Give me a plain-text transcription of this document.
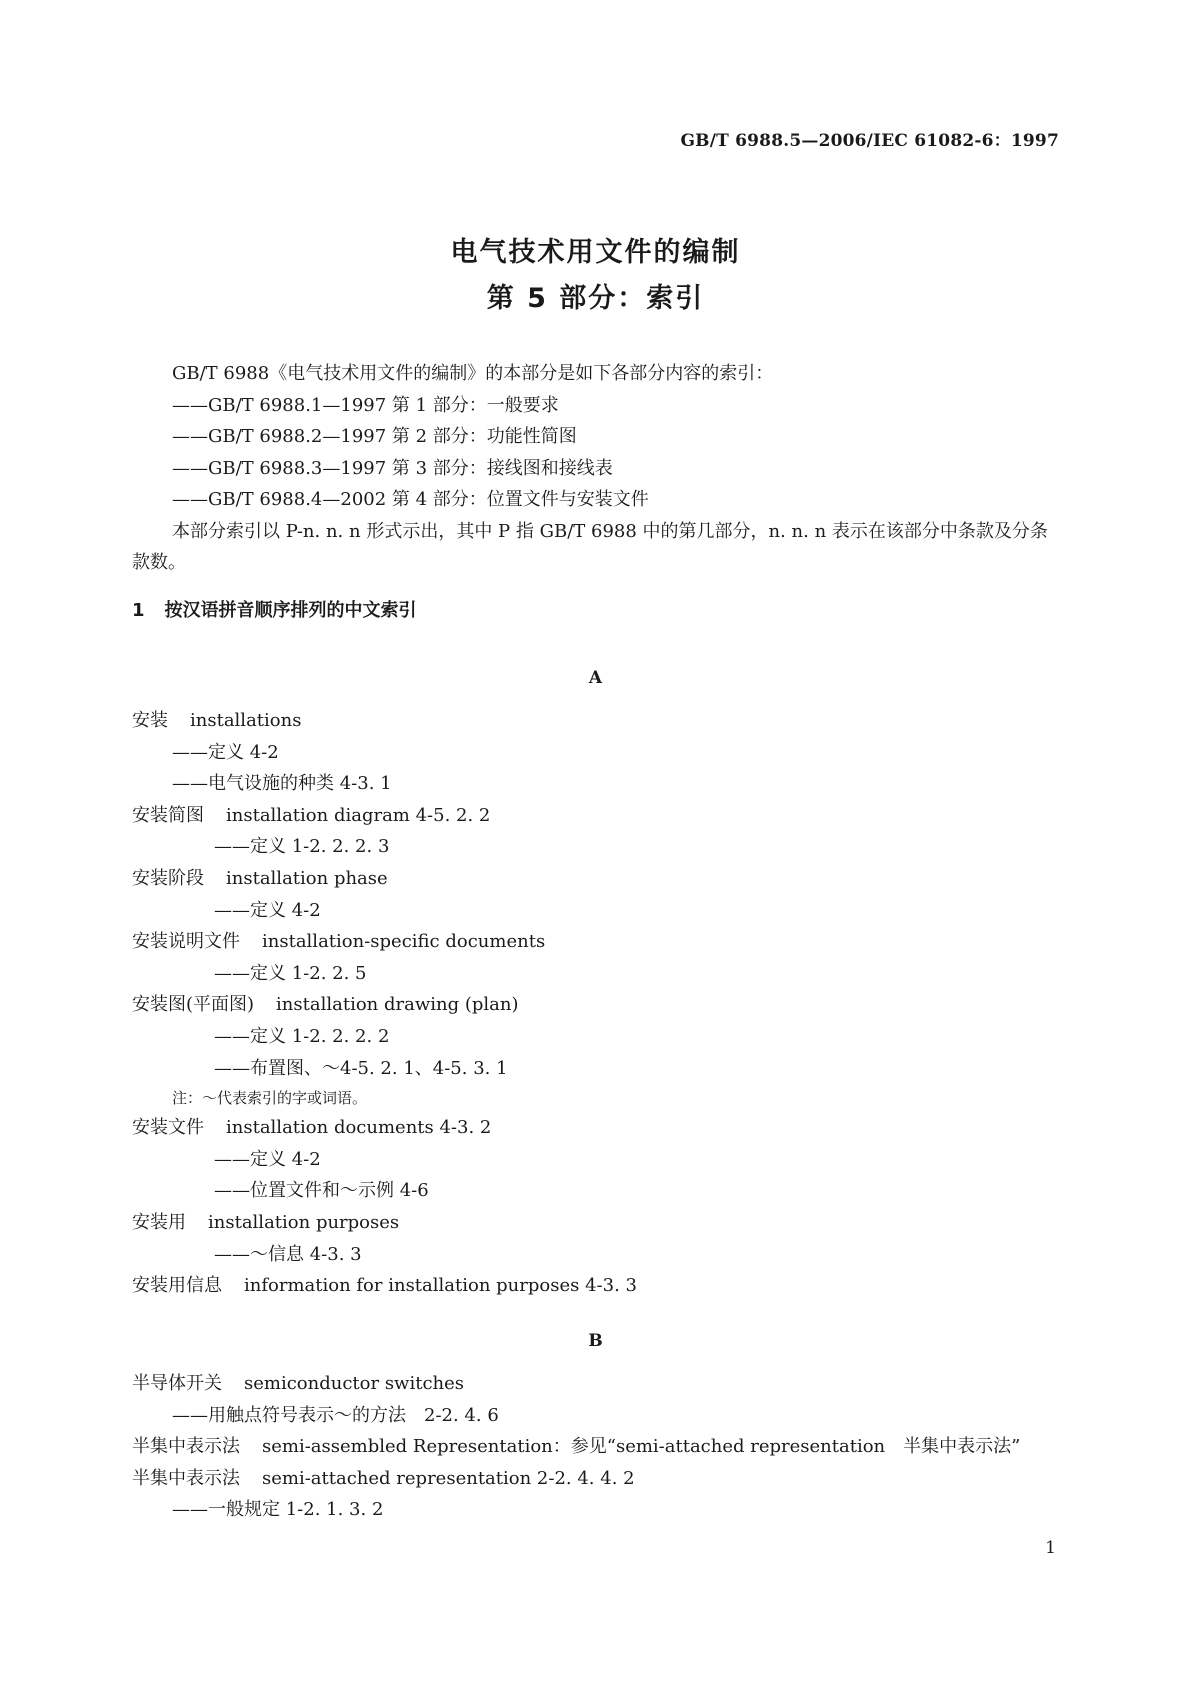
GB/T 6988.5—2006/IEC 61082-6：1997
电气技术用文件的编制
第 5 部分：索引

GB/T 6988《电气技术用文件的编制》的本部分是如下各部分内容的索引：

——GB/T 6988.1—1997 第 1 部分：一般要求

——GB/T 6988.2—1997 第 2 部分：功能性简图

——GB/T 6988.3—1997 第 3 部分：接线图和接线表

——GB/T 6988.4—2002 第 4 部分：位置文件与安装文件

本部分索引以 P-n. n. n 形式示出，其中 P 指 GB/T 6988 中的第几部分，n. n. n 表示在该部分中条款及分条款数。

1 按汉语拼音顺序排列的中文索引
A
安装 installations
——定义 4-2
——电气设施的种类 4-3. 1
安装简图 installation diagram 4-5. 2. 2
——定义 1-2. 2. 2. 3
安装阶段 installation phase
——定义 4-2
安装说明文件 installation-specific documents
——定义 1-2. 2. 5
安装图(平面图) installation drawing (plan)
——定义 1-2. 2. 2. 2
——布置图、～4-5. 2. 1、4-5. 3. 1
注：～代表索引的字或词语。
安装文件 installation documents 4-3. 2
——定义 4-2
——位置文件和～示例 4-6
安装用 installation purposes
——～信息 4-3. 3
安装用信息 information for installation purposes 4-3. 3
B
半导体开关 semiconductor switches
——用触点符号表示～的方法　2-2. 4. 6
半集中表示法 semi-assembled Representation：参见“semi-attached representation　半集中表示法”
半集中表示法 semi-attached representation 2-2. 4. 4. 2
——一般规定 1-2. 1. 3. 2
1
